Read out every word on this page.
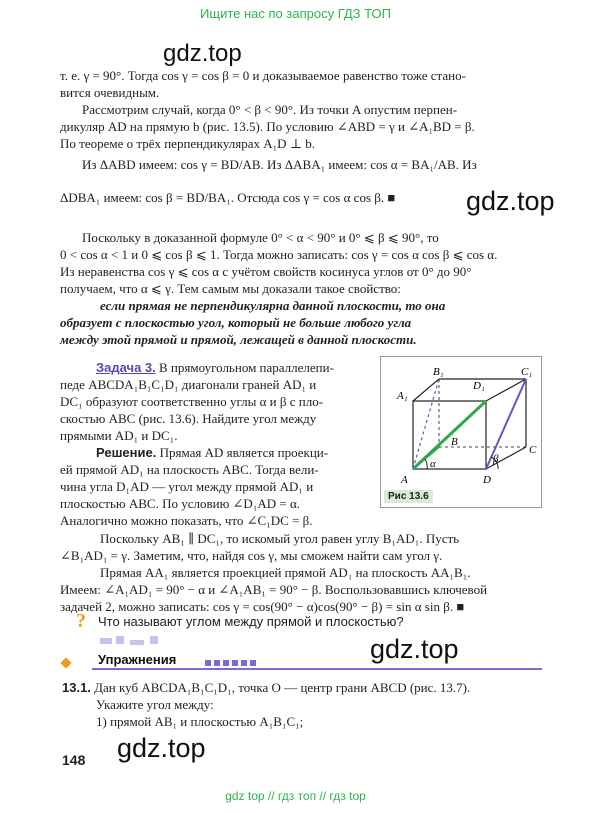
Ищите нас по запросу ГДЗ ТОП
gdz.top
gdz.top
gdz.top
gdz.top
т. е. γ = 90°. Тогда cos γ = cos β = 0 и доказываемое равенство тоже стано-
вится очевидным.
Рассмотрим случай, когда 0° < β < 90°. Из точки A опустим перпен-
дикуляр AD на прямую b (рис. 13.5). По условию ∠ABD = γ и ∠A₁BD = β.
По теореме о трёх перпендикулярах A₁D ⊥ b.
Из ΔABD имеем: cos γ = BD/AB. Из ΔABA₁ имеем: cos α = BA₁/AB. Из
ΔDBA₁ имеем: cos β = BD/BA₁. Отсюда cos γ = cos α cos β. ■
Поскольку в доказанной формуле 0° < α < 90° и 0° ⩽ β ⩽ 90°, то
0 < cos α < 1 и 0 ⩽ cos β ⩽ 1. Тогда можно записать: cos γ = cos α cos β ⩽ cos α.
Из неравенства cos γ ⩽ cos α с учётом свойств косинуса углов от 0° до 90°
получаем, что α ⩽ γ. Тем самым мы доказали такое свойство:
если прямая не перпендикулярна данной плоскости, то она
образует с плоскостью угол, который не больше любого угла
между этой прямой и прямой, лежащей в данной плоскости.
Задача 3. В прямоугольном параллелепи-
педе ABCDA₁B₁C₁D₁ диагонали граней AD₁ и
DC₁ образуют соответственно углы α и β с пло-
скостью ABC (рис. 13.6). Найдите угол между
прямыми AD₁ и DC₁.
Решение. Прямая AD является проекци-
ей прямой AD₁ на плоскость ABC. Тогда вели-
чина угла D₁AD — угол между прямой AD₁ и
плоскостью ABC. По условию ∠D₁AD = α.
Аналогично можно показать, что ∠C₁DC = β.
Поскольку AB₁ ∥ DC₁, то искомый угол равен углу B₁AD₁. Пусть
∠B₁AD₁ = γ. Заметим, что, найдя cos γ, мы сможем найти сам угол γ.
Прямая AA₁ является проекцией прямой AD₁ на плоскость AA₁B₁.
Имеем: ∠A₁AD₁ = 90° − α и ∠A₁AB₁ = 90° − β. Воспользовавшись ключевой
задачей 2, можно записать: cos γ = cos(90° − α)cos(90° − β) = sin α sin β. ■
B₁	C₁
A₁
D₁
B
C
A	D
α	β
Рис 13.6
? Что называют углом между прямой и плоскостью?
Упражнения
13.1. Дан куб ABCDA₁B₁C₁D₁, точка O — центр грани ABCD (рис. 13.7).
Укажите угол между:
1) прямой AB₁ и плоскостью A₁B₁C₁;
148
gdz top // гдз топ // гдз top
